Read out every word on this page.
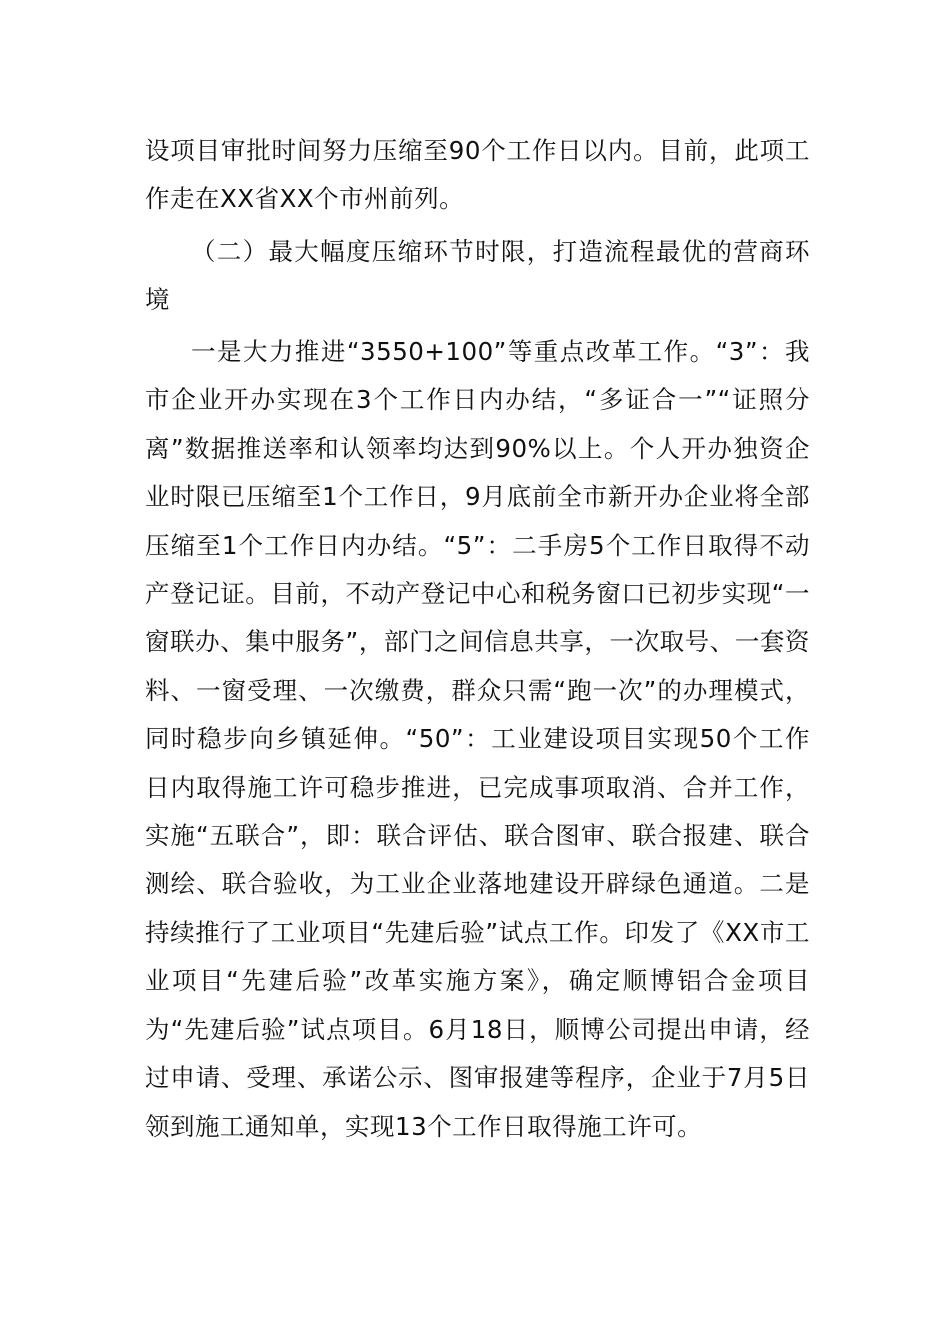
设项目审批时间努力压缩至90个工作日以内。目前，此项工作走在XX省XX个市州前列。

（二）最大幅度压缩环节时限，打造流程最优的营商环境

一是大力推进“3550+100”等重点改革工作。“3”：我市企业开办实现在3个工作日内办结，“多证合一”“证照分离”数据推送率和认领率均达到90%以上。个人开办独资企业时限已压缩至1个工作日，9月底前全市新开办企业将全部压缩至1个工作日内办结。“5”：二手房5个工作日取得不动产登记证。目前，不动产登记中心和税务窗口已初步实现“一窗联办、集中服务”，部门之间信息共享，一次取号、一套资料、一窗受理、一次缴费，群众只需“跑一次”的办理模式，同时稳步向乡镇延伸。“50”：工业建设项目实现50个工作日内取得施工许可稳步推进，已完成事项取消、合并工作，实施“五联合”，即：联合评估、联合图审、联合报建、联合测绘、联合验收，为工业企业落地建设开辟绿色通道。二是持续推行了工业项目“先建后验”试点工作。印发了《XX市工业项目“先建后验”改革实施方案》，确定顺博铝合金项目为“先建后验”试点项目。6月18日，顺博公司提出申请，经过申请、受理、承诺公示、图审报建等程序，企业于7月5日领到施工通知单，实现13个工作日取得施工许可。
